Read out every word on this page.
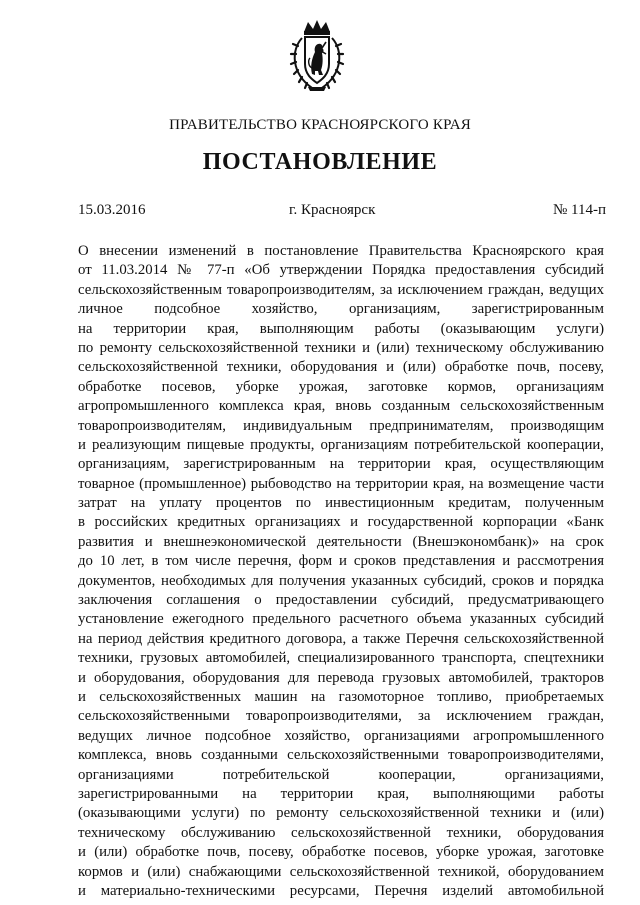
ПРАВИТЕЛЬСТВО КРАСНОЯРСКОГО КРАЯ
ПОСТАНОВЛЕНИЕ
15.03.2016	г. Красноярск	№ 114-п
О внесении изменений в постановление Правительства Красноярского края
от 11.03.2014 № 77-п «Об утверждении Порядка предоставления субсидий
сельскохозяйственным товаропроизводителям, за исключением граждан, ведущих
личное подсобное хозяйство, организациям, зарегистрированным
на территории края, выполняющим работы (оказывающим услуги)
по ремонту сельскохозяйственной техники и (или) техническому обслуживанию
сельскохозяйственной техники, оборудования и (или) обработке почв, посеву,
обработке посевов, уборке урожая, заготовке кормов, организациям
агропромышленного комплекса края, вновь созданным сельскохозяйственным
товаропроизводителям, индивидуальным предпринимателям, производящим
и реализующим пищевые продукты, организациям потребительской кооперации,
организациям, зарегистрированным на территории края, осуществляющим
товарное (промышленное) рыбоводство на территории края, на возмещение части
затрат на уплату процентов по инвестиционным кредитам, полученным
в российских кредитных организациях и государственной корпорации «Банк
развития и внешнеэкономической деятельности (Внешэкономбанк)» на срок
до 10 лет, в том числе перечня, форм и сроков представления и рассмотрения
документов, необходимых для получения указанных субсидий, сроков и порядка
заключения соглашения о предоставлении субсидий, предусматривающего
установление ежегодного предельного расчетного объема указанных субсидий
на период действия кредитного договора, а также Перечня сельскохозяйственной
техники, грузовых автомобилей, специализированного транспорта, спецтехники
и оборудования, оборудования для перевода грузовых автомобилей, тракторов
и сельскохозяйственных машин на газомоторное топливо, приобретаемых
сельскохозяйственными товаропроизводителями, за исключением граждан,
ведущих личное подсобное хозяйство, организациями агропромышленного
комплекса, вновь созданными сельскохозяйственными товаропроизводителями,
организациями потребительской кооперации, организациями,
зарегистрированными на территории края, выполняющими работы
(оказывающими услуги) по ремонту сельскохозяйственной техники и (или)
техническому обслуживанию сельскохозяйственной техники, оборудования
и (или) обработке почв, посеву, обработке посевов, уборке урожая, заготовке
кормов и (или) снабжающими сельскохозяйственной техникой, оборудованием
и материально-техническими ресурсами, Перечня изделий автомобильной
